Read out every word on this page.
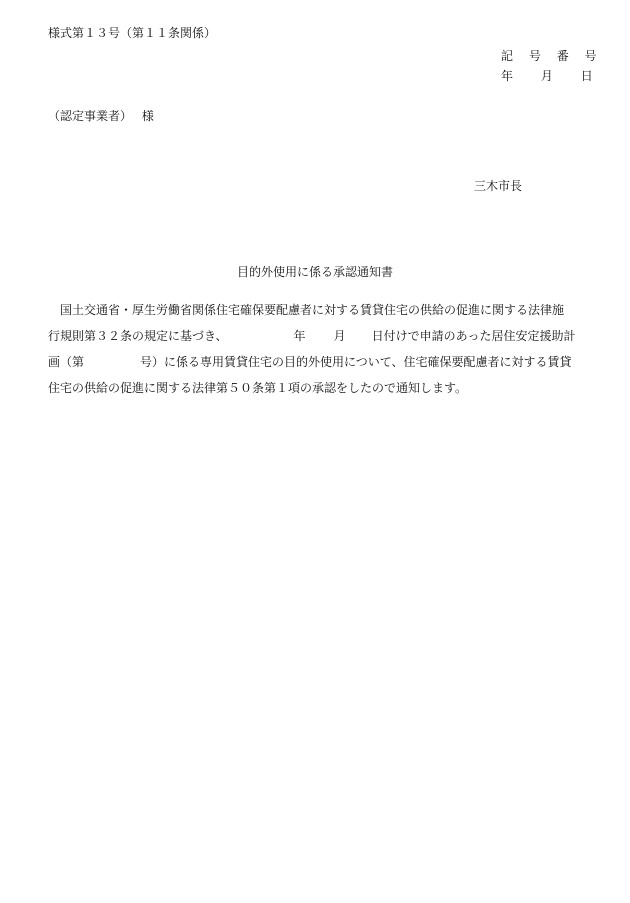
様式第１３号（第１１条関係）
記 号 番 号
年 月 日
（認定事業者）　 様
三木市長
目的外使用に係る承認通知書
国土交通省・厚生労働省関係住宅確保要配慮者に対する賃貸住宅の供給の促進に関する法律施
行規則第３２条の規定に基づき、	年 月 日付けで申請のあった居住安定援助計
画（第	号）に係る専用賃貸住宅の目的外使用について、住宅確保要配慮者に対する賃貸
住宅の供給の促進に関する法律第５０条第１項の承認をしたので通知します。
